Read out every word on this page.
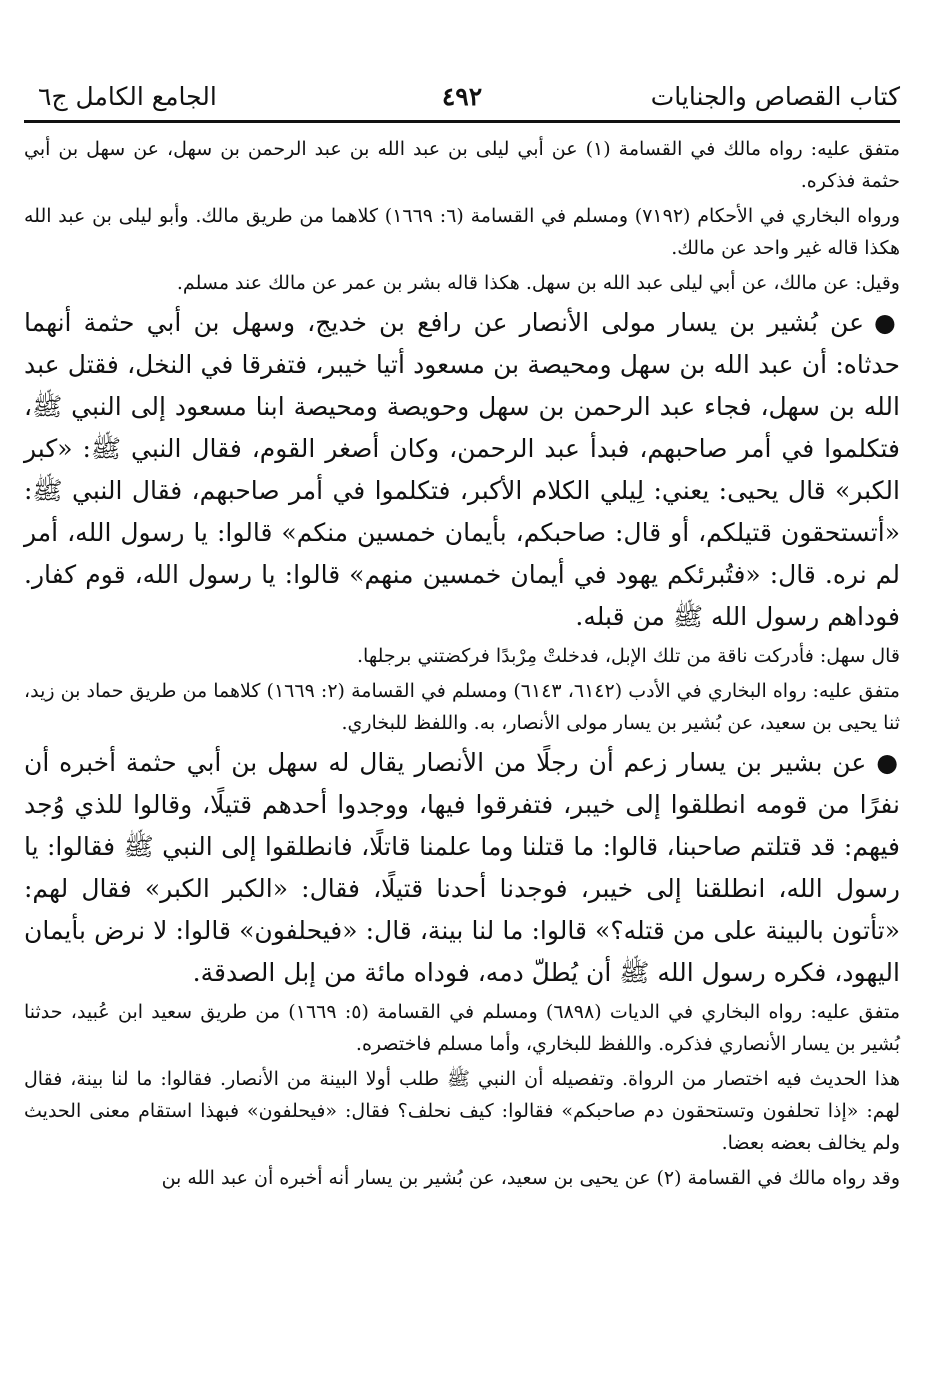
كتاب القصاص والجنايات
٤٩٢
الجامع الكامل ج٦

متفق عليه: رواه مالك في القسامة (١) عن أبي ليلى بن عبد الله بن عبد الرحمن بن سهل، عن سهل بن أبي حثمة فذكره.

ورواه البخاري في الأحكام (٧١٩٢) ومسلم في القسامة (٦: ١٦٦٩) كلاهما من طريق مالك. وأبو ليلى بن عبد الله هكذا قاله غير واحد عن مالك.

وقيل: عن مالك، عن أبي ليلى عبد الله بن سهل. هكذا قاله بشر بن عمر عن مالك عند مسلم.

●عن بُشير بن يسار مولى الأنصار عن رافع بن خديج، وسهل بن أبي حثمة أنهما حدثاه: أن عبد الله بن سهل ومحيصة بن مسعود أتيا خيبر، فتفرقا في النخل، فقتل عبد الله بن سهل، فجاء عبد الرحمن بن سهل وحويصة ومحيصة ابنا مسعود إلى النبي ﷺ، فتكلموا في أمر صاحبهم، فبدأ عبد الرحمن، وكان أصغر القوم، فقال النبي ﷺ: «كبر الكبر» قال يحيى: يعني: لِيلي الكلام الأكبر، فتكلموا في أمر صاحبهم، فقال النبي ﷺ: «أتستحقون قتيلكم، أو قال: صاحبكم، بأيمان خمسين منكم» قالوا: يا رسول الله، أمر لم نره. قال: «فتُبرئكم يهود في أيمان خمسين منهم» قالوا: يا رسول الله، قوم كفار. فوداهم رسول الله ﷺ من قبله.

قال سهل: فأدركت ناقة من تلك الإبل، فدخلتْ مِرْبدًا فركضتني برجلها.

متفق عليه: رواه البخاري في الأدب (٦١٤٢، ٦١٤٣) ومسلم في القسامة (٢: ١٦٦٩) كلاهما من طريق حماد بن زيد، ثنا يحيى بن سعيد، عن بُشير بن يسار مولى الأنصار، به. واللفظ للبخاري.

●عن بشير بن يسار زعم أن رجلًا من الأنصار يقال له سهل بن أبي حثمة أخبره أن نفرًا من قومه انطلقوا إلى خيبر، فتفرقوا فيها، ووجدوا أحدهم قتيلًا، وقالوا للذي وُجد فيهم: قد قتلتم صاحبنا، قالوا: ما قتلنا وما علمنا قاتلًا، فانطلقوا إلى النبي ﷺ فقالوا: يا رسول الله، انطلقنا إلى خيبر، فوجدنا أحدنا قتيلًا، فقال: «الكبر الكبر» فقال لهم: «تأتون بالبينة على من قتله؟» قالوا: ما لنا بينة، قال: «فيحلفون» قالوا: لا نرض بأيمان اليهود، فكره رسول الله ﷺ أن يُطلّ دمه، فوداه مائة من إبل الصدقة.

متفق عليه: رواه البخاري في الديات (٦٨٩٨) ومسلم في القسامة (٥: ١٦٦٩) من طريق سعيد ابن عُبيد، حدثنا بُشير بن يسار الأنصاري فذكره. واللفظ للبخاري، وأما مسلم فاختصره.

هذا الحديث فيه اختصار من الرواة. وتفصيله أن النبي ﷺ طلب أولا البينة من الأنصار. فقالوا: ما لنا بينة، فقال لهم: «إذا تحلفون وتستحقون دم صاحبكم» فقالوا: كيف نحلف؟ فقال: «فيحلفون» فبهذا استقام معنى الحديث ولم يخالف بعضه بعضا.

وقد رواه مالك في القسامة (٢) عن يحيى بن سعيد، عن بُشير بن يسار أنه أخبره أن عبد الله بن
